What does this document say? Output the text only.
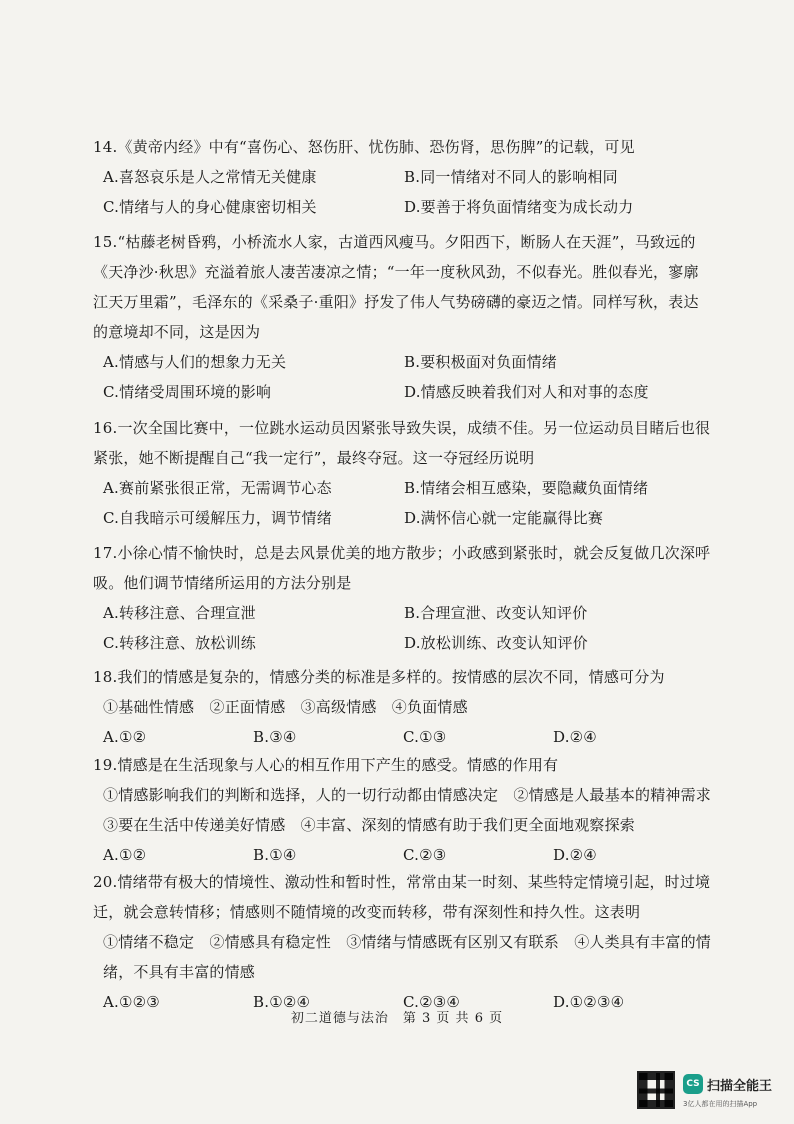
14.《黄帝内经》中有“喜伤心、怒伤肝、忧伤肺、恐伤肾，思伤脾”的记载，可见
A.喜怒哀乐是人之常情无关健康	B.同一情绪对不同人的影响相同
C.情绪与人的身心健康密切相关	D.要善于将负面情绪变为成长动力
15.“枯藤老树昏鸦，小桥流水人家，古道西风瘦马。夕阳西下，断肠人在天涯”，马致远的《天净沙·秋思》充溢着旅人凄苦凄凉之情；“一年一度秋风劲，不似春光。胜似春光，寥廓江天万里霜”，毛泽东的《采桑子·重阳》抒发了伟人气势磅礴的豪迈之情。同样写秋，表达的意境却不同，这是因为
A.情感与人们的想象力无关	B.要积极面对负面情绪
C.情绪受周围环境的影响	D.情感反映着我们对人和对事的态度
16.一次全国比赛中，一位跳水运动员因紧张导致失误，成绩不佳。另一位运动员目睹后也很紧张，她不断提醒自己“我一定行”，最终夺冠。这一夺冠经历说明
A.赛前紧张很正常，无需调节心态	B.情绪会相互感染，要隐藏负面情绪
C.自我暗示可缓解压力，调节情绪	D.满怀信心就一定能赢得比赛
17.小徐心情不愉快时，总是去风景优美的地方散步；小政感到紧张时，就会反复做几次深呼吸。他们调节情绪所运用的方法分别是
A.转移注意、合理宣泄	B.合理宣泄、改变认知评价
C.转移注意、放松训练	D.放松训练、改变认知评价
18.我们的情感是复杂的，情感分类的标准是多样的。按情感的层次不同，情感可分为
①基础性情感　②正面情感　③高级情感　④负面情感
A.①②	B.③④	C.①③	D.②④
19.情感是在生活现象与人心的相互作用下产生的感受。情感的作用有
①情感影响我们的判断和选择，人的一切行动都由情感决定　②情感是人最基本的精神需求　③要在生活中传递美好情感　④丰富、深刻的情感有助于我们更全面地观察探索
A.①②	B.①④	C.②③	D.②④
20.情绪带有极大的情境性、激动性和暂时性，常常由某一时刻、某些特定情境引起，时过境迁，就会意转情移；情感则不随情境的改变而转移，带有深刻性和持久性。这表明
①情绪不稳定　②情感具有稳定性　③情绪与情感既有区别又有联系　④人类具有丰富的情绪，不具有丰富的情感
A.①②③	B.①②④	C.②③④	D.①②③④
初二道德与法治　第 3 页 共 6 页
CS 扫描全能王
3亿人都在用的扫描App
